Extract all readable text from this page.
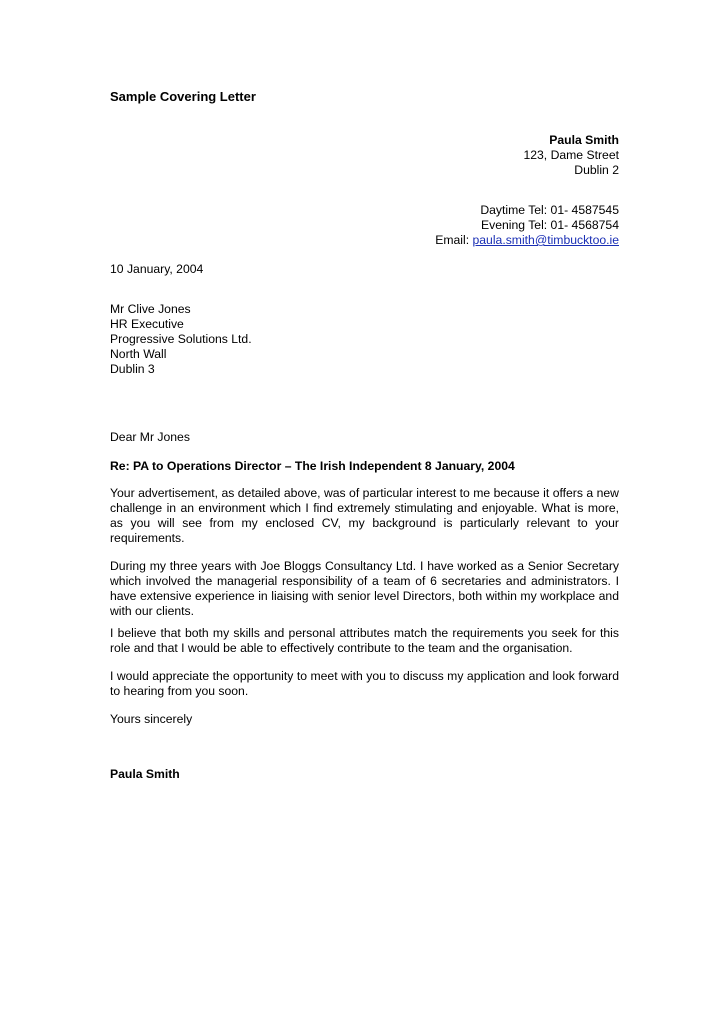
Sample Covering Letter
Paula Smith
123, Dame Street
Dublin 2
Daytime Tel: 01- 4587545
Evening Tel: 01- 4568754
Email: paula.smith@timbucktoo.ie
10 January, 2004
Mr Clive Jones
HR Executive
Progressive Solutions Ltd.
North Wall
Dublin 3
Dear Mr Jones
Re: PA to Operations Director – The Irish Independent 8 January, 2004
Your advertisement, as detailed above, was of particular interest to me because it offers a new challenge in an environment which I find extremely stimulating and enjoyable. What is more, as you will see from my enclosed CV, my background is particularly relevant to your requirements.
During my three years with Joe Bloggs Consultancy Ltd. I have worked as a Senior Secretary which involved the managerial responsibility of a team of 6 secretaries and administrators. I have extensive experience in liaising with senior level Directors, both within my workplace and with our clients.
I believe that both my skills and personal attributes match the requirements you seek for this role and that I would be able to effectively contribute to the team and the organisation.
I would appreciate the opportunity to meet with you to discuss my application and look forward to hearing from you soon.
Yours sincerely
Paula Smith
